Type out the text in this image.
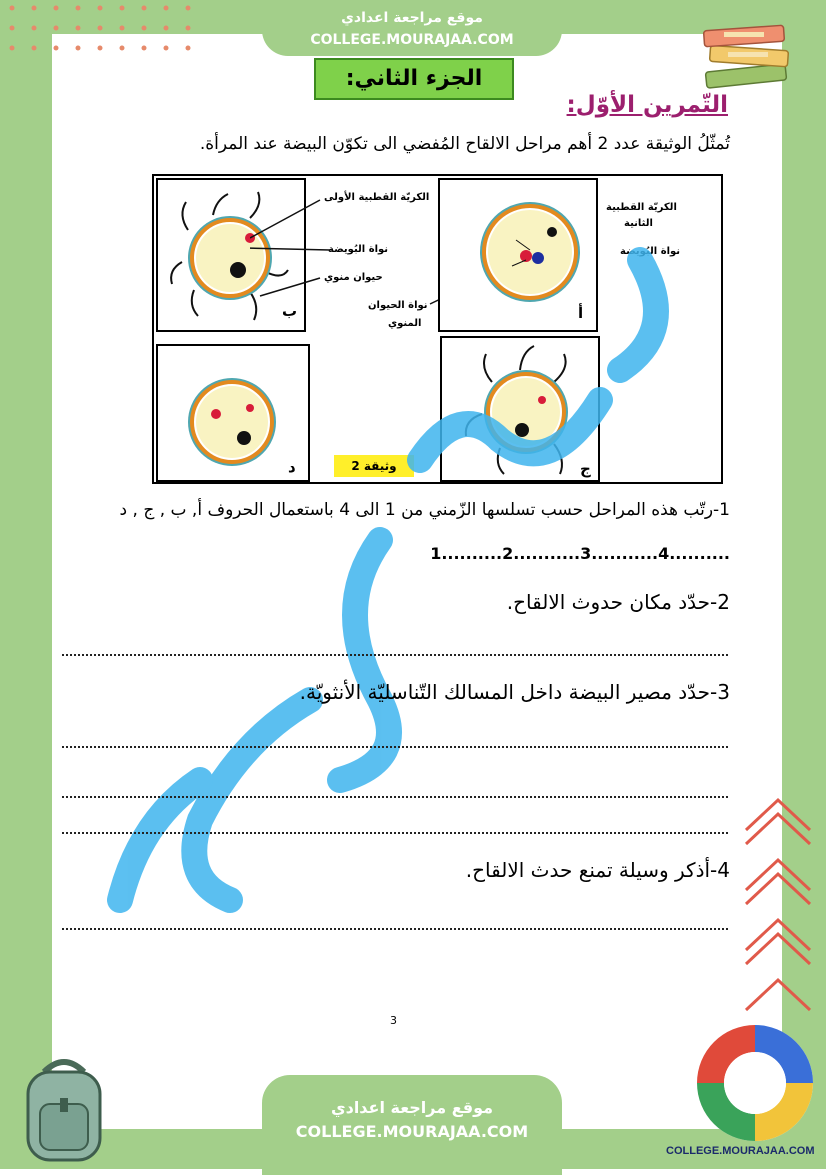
موقع مراجعة اعدادي
COLLEGE.MOURAJAA.COM
الجزء الثاني:
التّمرين الأوّل:
تُمثّلُ الوثيقة عدد 2 أهم مراحل الالقاح المُفضي الى تكوّن البيضة عند المرأة.
ب
الكريّة القطبية الأولى
نواة البُويضة
حيوان منوي
نواة الحيوان
المنوي
أ
الكريّة القطبية
الثانية
نواة البُويضة
د	ج
وثيقة 2
1-رتّب هذه المراحل حسب تسلسها الزّمني من 1 الى 4 باستعمال الحروف أ, ب , ج , د
1..........2...........3...........4..........
2-حدّد مكان حدوث الالقاح.
3-حدّد مصير البيضة داخل المسالك التّناسليّة الأنثويّة.
4-أذكر وسيلة تمنع حدث الالقاح.
3
موقع مراجعة اعدادي
COLLEGE.MOURAJAA.COM
COLLEGE.MOURAJAA.COM
